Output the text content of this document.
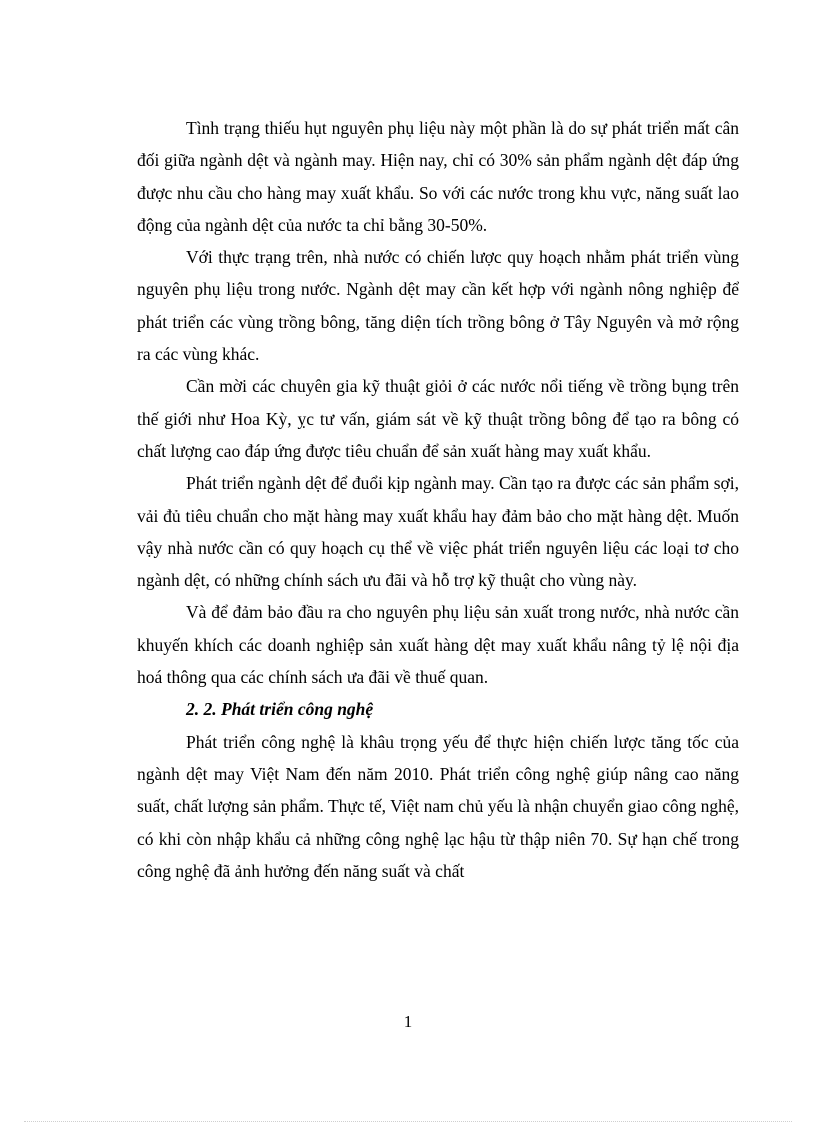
Tình trạng thiếu hụt nguyên phụ liệu này một phần là do sự phát triển mất cân đối giữa ngành dệt và ngành may. Hiện nay, chỉ có 30% sản phẩm ngành dệt đáp ứng được nhu cầu cho hàng may xuất khẩu. So với các nước trong khu vực, năng suất lao động của ngành dệt của nước ta chỉ bằng 30-50%.

Với thực trạng trên, nhà nước có chiến lược quy hoạch nhằm phát triển vùng nguyên phụ liệu trong nước. Ngành dệt may cần kết hợp với ngành nông nghiệp để phát triển các vùng trồng bông, tăng diện tích trồng bông ở Tây Nguyên và mở rộng ra các vùng khác.

Cần mời các chuyên gia kỹ thuật giỏi ở các nước nổi tiếng về trồng bụng trên thế giới như Hoa Kỳ, ỵc tư vấn, giám sát về kỹ thuật trồng bông để tạo ra bông có chất lượng cao đáp ứng được tiêu chuẩn để sản xuất hàng may xuất khẩu.

Phát triển ngành dệt để đuổi kịp ngành may. Cần tạo ra được các sản phẩm sợi, vải đủ tiêu chuẩn cho mặt hàng may xuất khẩu hay đảm bảo cho mặt hàng dệt. Muốn vậy nhà nước cần có quy hoạch cụ thể về việc phát triển nguyên liệu các loại tơ cho ngành dệt, có những chính sách ưu đãi và hỗ trợ kỹ thuật cho vùng này.

Và để đảm bảo đầu ra cho nguyên phụ liệu sản xuất trong nước, nhà nước cần khuyến khích các doanh nghiệp sản xuất hàng dệt may xuất khẩu nâng tỷ lệ nội địa hoá thông qua các chính sách ưa đãi về thuế quan.

2. 2. Phát triển công nghệ

Phát triển công nghệ là khâu trọng yếu để thực hiện chiến lược tăng tốc của ngành dệt may Việt Nam đến năm 2010. Phát triển công nghệ giúp nâng cao năng suất, chất lượng sản phẩm. Thực tế, Việt nam chủ yếu là nhận chuyển giao công nghệ, có khi còn nhập khẩu cả những công nghệ lạc hậu từ thập niên 70. Sự hạn chế trong công nghệ đã ảnh hưởng đến năng suất và chất

1
